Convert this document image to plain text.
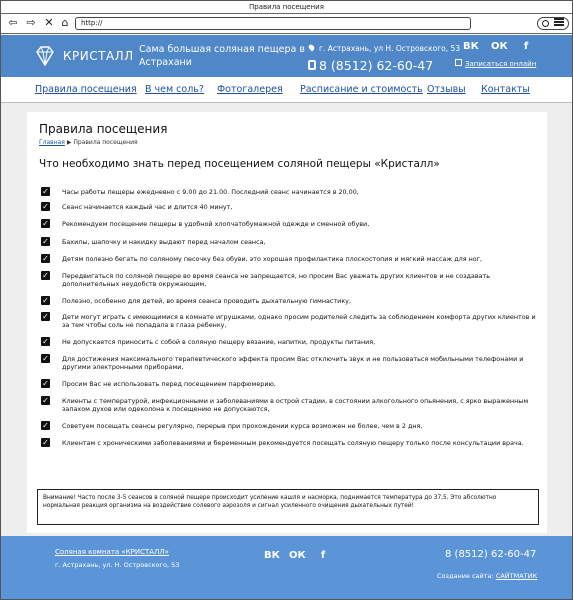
Правила посещения
⇦ ⇨ ✕ ⌂	http://
КРИСТАЛЛ Сама большая соляная пещера в Астрахани
г. Астрахань, ул Н. Островского, 53
8 (8512) 62-60-47
ВК ОК	f
Записаться онлайн
Правила посещения В чем соль? Фотогалерея Расписание и стоимость Отзывы Контакты
Правила посещения
Главная ▶ Правила посещения
Что необходимо знать перед посещением соляной пещеры «Кристалл»
✓ Часы работы пещеры ежедневно с 9.00 до 21.00. Последний сеанс начинается в 20.00,
✓ Сеанс начинается каждый час и длится 40 минут,
✓ Рекомендуем посещение пещеры в удобной хлопчатобумажной одежде и сменной обуви,
✓ Бахилы, шапочку и накидку выдают перед началом сеанса,
✓ Детям полезно бегать по соляному песочку без обуви, это хорошая профилактика плоскостопия и мягкий массаж для ног,
✓ Передвигаться по соляной пещере во время сеанса не запрещается, но просим Вас уважать других клиентов и не создавать дополнительных неудобств окружающим,
✓ Полезно, особенно для детей, во время сеанса проводить дыхательную гимнастику,
✓ Дети могут играть с имеющимися в комнате игрушками, однако просим родителей следить за соблюдением комфорта других клиентов и за тем чтобы соль не попадала в глаза ребенку,
✓ Не допускается приносить с собой в соляную пещеру вязание, напитки, продукты питания,
✓ Для достижения максимального терапевтического эффекта просим Вас отключить звук и не пользоваться мобильными телефонами и другими электронными приборами,
✓ Просим Вас не использовать перед посещением парфюмерию,
✓ Клиенты с температурой, инфекционными и заболеваниями в острой стадии, в состоянии алкогольного опьянения, с ярко выраженным запахом духов или одеколона к посещению не допускаются,
✓ Советуем посещать сеансы регулярно, перерыв при прохождении курса возможен не более, чем в 2 дня,
✓ Клиентам с хроническими заболеваниями и беременным рекомендуется посещать соляную пещеру только после консультации врача.
Внимание! Часто после 3-5 сеансов в соляной пещере происходит усиление кашля и насморка, поднимается температура до 37,5. Это абсолютно нормальная реакция организма на воздействие солевого аэрозоля и сигнал усиленного очищения дыхательных путей!
Соляная комната «КРИСТАЛЛ»
г. Астрахань, ул. Н. Островского, 53
ВК ОК	f	8 (8512) 62-60-47
Создание сайта: САЙТМАТИК
